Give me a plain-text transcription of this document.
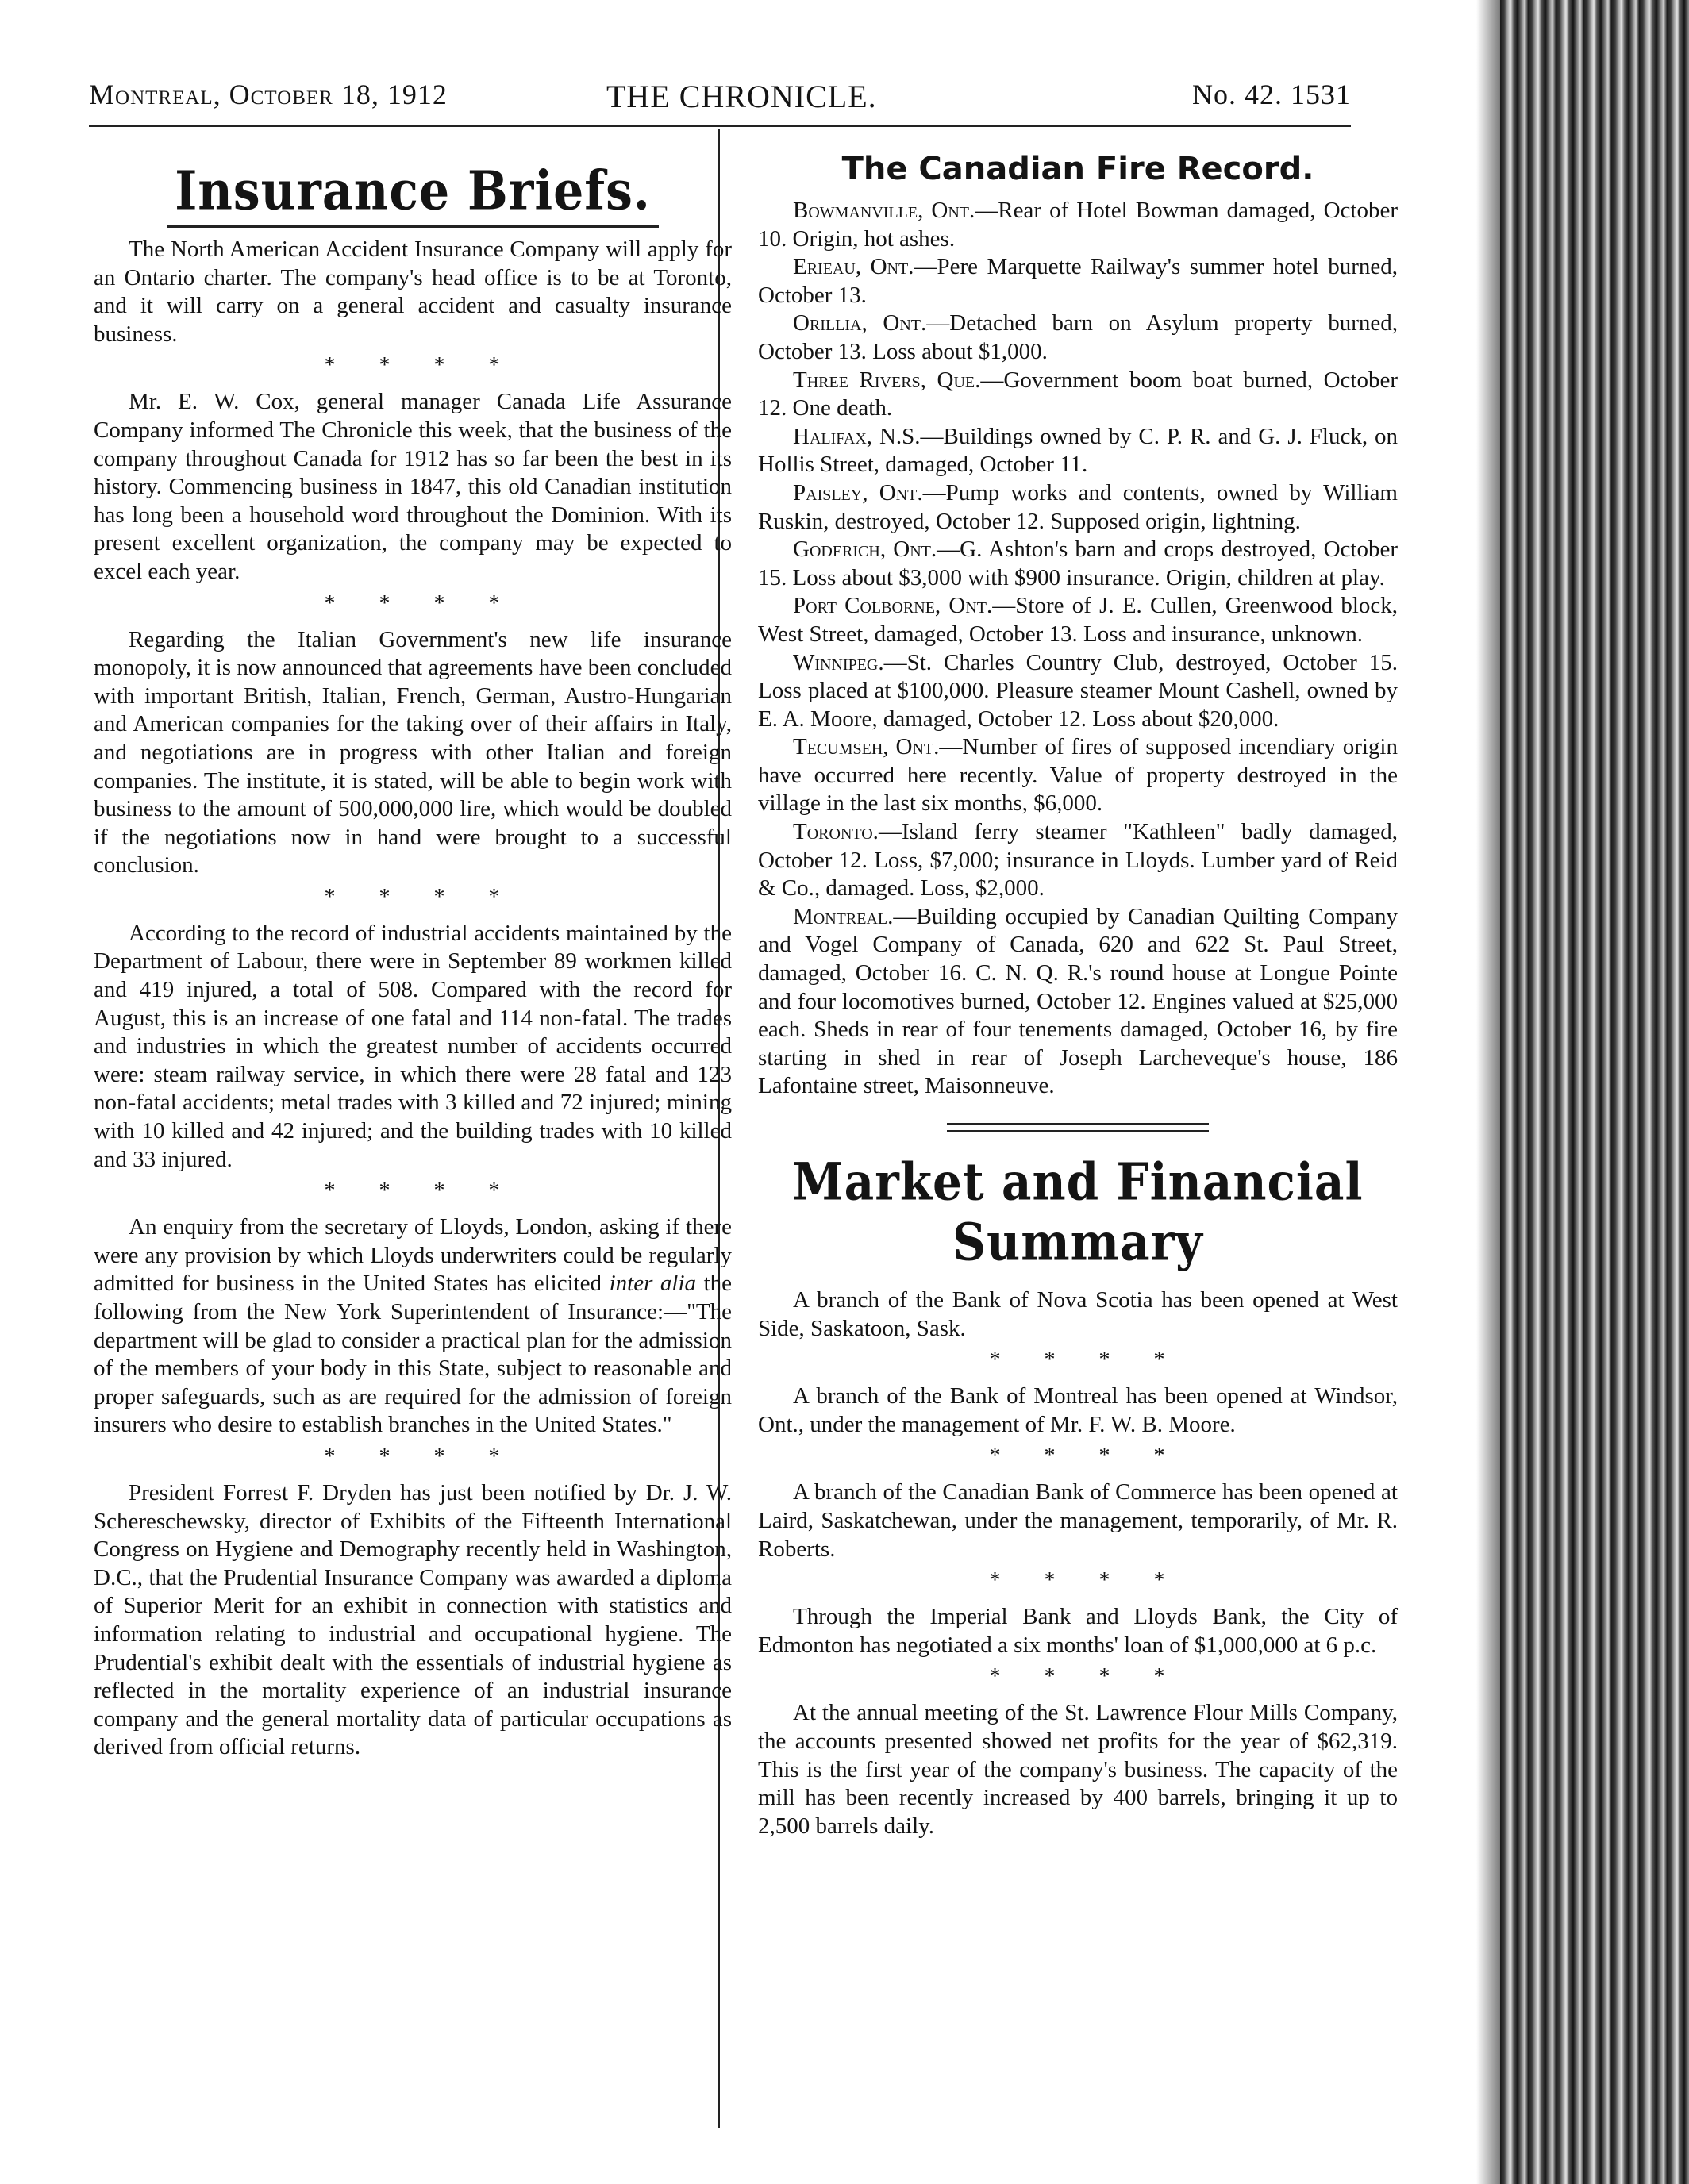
Montreal, October 18, 1912	THE CHRONICLE.	No. 42. 1531
Insurance Briefs.

The North American Accident Insurance Company will apply for an Ontario charter. The company's head office is to be at Toronto, and it will carry on a general accident and casualty insurance business.

* * * *

Mr. E. W. Cox, general manager Canada Life Assurance Company informed The Chronicle this week, that the business of the company throughout Canada for 1912 has so far been the best in its history. Commencing business in 1847, this old Canadian institution has long been a household word throughout the Dominion. With its present excellent organization, the company may be expected to excel each year.

* * * *

Regarding the Italian Government's new life insurance monopoly, it is now announced that agreements have been concluded with important British, Italian, French, German, Austro-Hungarian and American companies for the taking over of their affairs in Italy, and negotiations are in progress with other Italian and foreign companies. The institute, it is stated, will be able to begin work with business to the amount of 500,000,000 lire, which would be doubled if the negotiations now in hand were brought to a successful conclusion.

* * * *

According to the record of industrial accidents maintained by the Department of Labour, there were in September 89 workmen killed and 419 injured, a total of 508. Compared with the record for August, this is an increase of one fatal and 114 non-fatal. The trades and industries in which the greatest number of accidents occurred were: steam railway service, in which there were 28 fatal and 123 non-fatal accidents; metal trades with 3 killed and 72 injured; mining with 10 killed and 42 injured; and the building trades with 10 killed and 33 injured.

* * * *

An enquiry from the secretary of Lloyds, London, asking if there were any provision by which Lloyds underwriters could be regularly admitted for business in the United States has elicited inter alia the following from the New York Superintendent of Insurance:—"The department will be glad to consider a practical plan for the admission of the members of your body in this State, subject to reasonable and proper safeguards, such as are required for the admission of foreign insurers who desire to establish branches in the United States."

* * * *

President Forrest F. Dryden has just been notified by Dr. J. W. Schereschewsky, director of Exhibits of the Fifteenth International Congress on Hygiene and Demography recently held in Washington, D.C., that the Prudential Insurance Company was awarded a diploma of Superior Merit for an exhibit in connection with statistics and information relating to industrial and occupational hygiene. The Prudential's exhibit dealt with the essentials of industrial hygiene as reflected in the mortality experience of an industrial insurance company and the general mortality data of particular occupations as derived from official returns.

The Canadian Fire Record.

Bowmanville, Ont.—Rear of Hotel Bowman damaged, October 10. Origin, hot ashes.

Erieau, Ont.—Pere Marquette Railway's summer hotel burned, October 13.

Orillia, Ont.—Detached barn on Asylum property burned, October 13. Loss about $1,000.

Three Rivers, Que.—Government boom boat burned, October 12. One death.

Halifax, N.S.—Buildings owned by C. P. R. and G. J. Fluck, on Hollis Street, damaged, October 11.

Paisley, Ont.—Pump works and contents, owned by William Ruskin, destroyed, October 12. Supposed origin, lightning.

Goderich, Ont.—G. Ashton's barn and crops destroyed, October 15. Loss about $3,000 with $900 insurance. Origin, children at play.

Port Colborne, Ont.—Store of J. E. Cullen, Greenwood block, West Street, damaged, October 13. Loss and insurance, unknown.

Winnipeg.—St. Charles Country Club, destroyed, October 15. Loss placed at $100,000. Pleasure steamer Mount Cashell, owned by E. A. Moore, damaged, October 12. Loss about $20,000.

Tecumseh, Ont.—Number of fires of supposed incendiary origin have occurred here recently. Value of property destroyed in the village in the last six months, $6,000.

Toronto.—Island ferry steamer "Kathleen" badly damaged, October 12. Loss, $7,000; insurance in Lloyds. Lumber yard of Reid & Co., damaged. Loss, $2,000.

Montreal.—Building occupied by Canadian Quilting Company and Vogel Company of Canada, 620 and 622 St. Paul Street, damaged, October 16. C. N. Q. R.'s round house at Longue Pointe and four locomotives burned, October 12. Engines valued at $25,000 each. Sheds in rear of four tenements damaged, October 16, by fire starting in shed in rear of Joseph Larcheveque's house, 186 Lafontaine street, Maisonneuve.

Market and Financial Summary

A branch of the Bank of Nova Scotia has been opened at West Side, Saskatoon, Sask.

* * * *

A branch of the Bank of Montreal has been opened at Windsor, Ont., under the management of Mr. F. W. B. Moore.

* * * *

A branch of the Canadian Bank of Commerce has been opened at Laird, Saskatchewan, under the management, temporarily, of Mr. R. Roberts.

* * * *

Through the Imperial Bank and Lloyds Bank, the City of Edmonton has negotiated a six months' loan of $1,000,000 at 6 p.c.

* * * *

At the annual meeting of the St. Lawrence Flour Mills Company, the accounts presented showed net profits for the year of $62,319. This is the first year of the company's business. The capacity of the mill has been recently increased by 400 barrels, bringing it up to 2,500 barrels daily.
